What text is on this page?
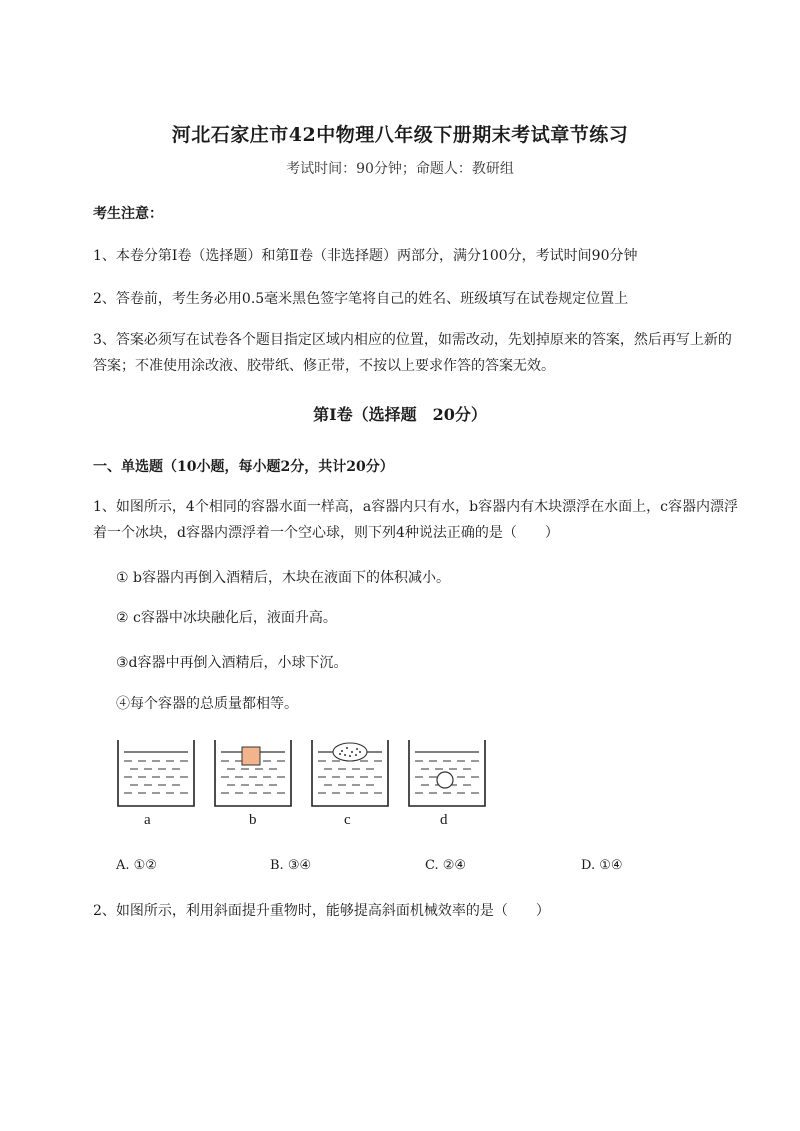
河北石家庄市42中物理八年级下册期末考试章节练习
考试时间：90分钟；命题人：教研组
考生注意：
1、本卷分第I卷（选择题）和第Ⅱ卷（非选择题）两部分，满分100分，考试时间90分钟
2、答卷前，考生务必用0.5毫米黑色签字笔将自己的姓名、班级填写在试卷规定位置上
3、答案必须写在试卷各个题目指定区域内相应的位置，如需改动，先划掉原来的答案，然后再写上新的答案；不准使用涂改液、胶带纸、修正带，不按以上要求作答的答案无效。
第I卷（选择题　20分）
一、单选题（10小题，每小题2分，共计20分）
1、如图所示，4个相同的容器水面一样高，a容器内只有水，b容器内有木块漂浮在水面上，c容器内漂浮着一个冰块，d容器内漂浮着一个空心球，则下列4种说法正确的是（　　）
① b容器内再倒入酒精后，木块在液面下的体积减小。
② c容器中冰块融化后，液面升高。
③d容器中再倒入酒精后，小球下沉。
④每个容器的总质量都相等。
a	b	c	d
A. ①②	B. ③④	C. ②④	D. ①④
2、如图所示，利用斜面提升重物时，能够提高斜面机械效率的是（　　）
